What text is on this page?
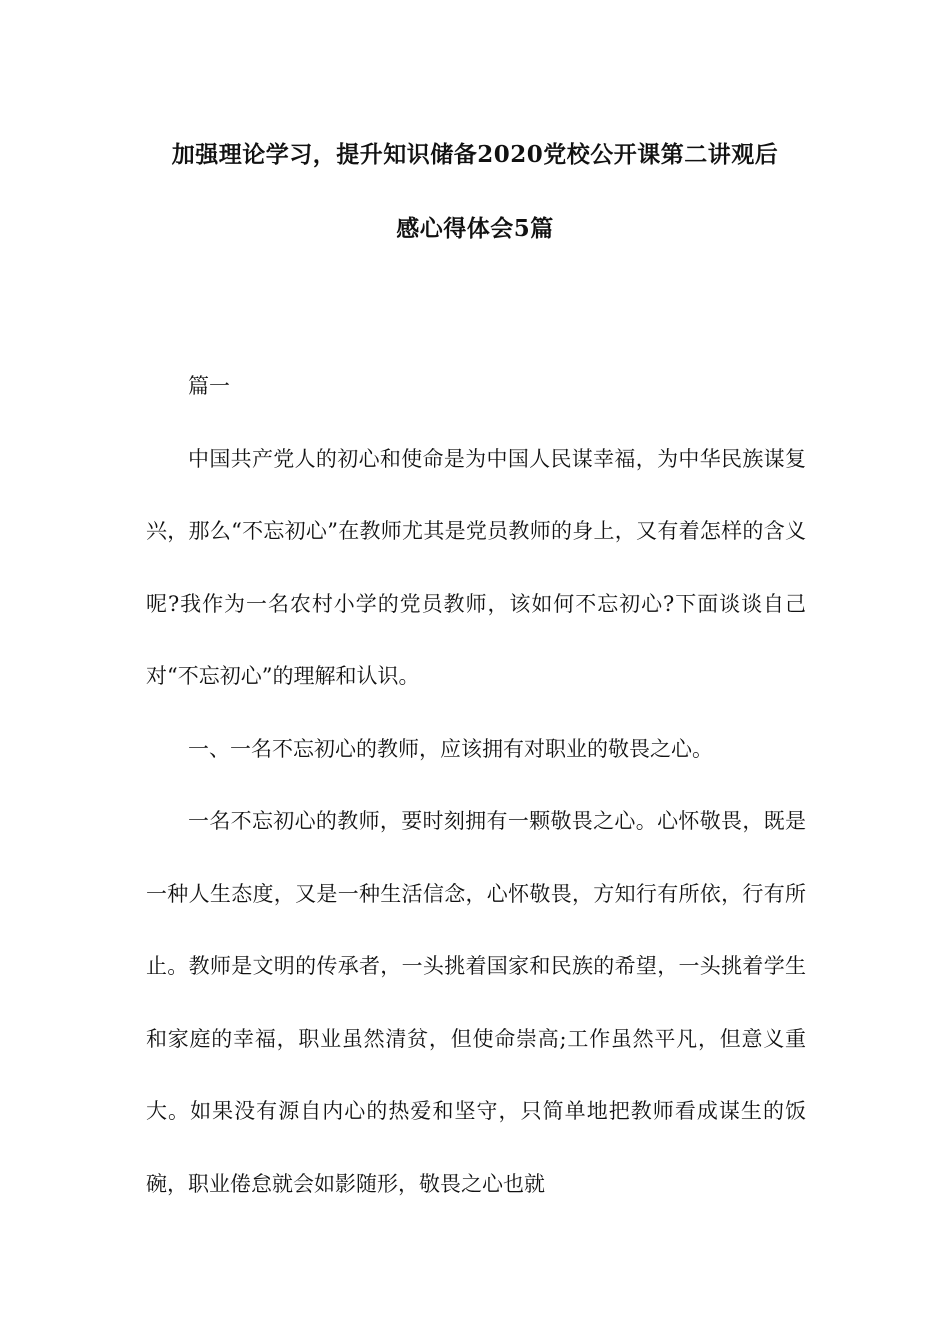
加强理论学习，提升知识储备2020党校公开课第二讲观后
感心得体会5篇

篇一

中国共产党人的初心和使命是为中国人民谋幸福，为中华民族谋复兴，那么“不忘初心”在教师尤其是党员教师的身上，又有着怎样的含义呢?我作为一名农村小学的党员教师，该如何不忘初心?下面谈谈自己对“不忘初心”的理解和认识。

一、一名不忘初心的教师，应该拥有对职业的敬畏之心。

一名不忘初心的教师，要时刻拥有一颗敬畏之心。心怀敬畏，既是一种人生态度，又是一种生活信念，心怀敬畏，方知行有所依，行有所止。教师是文明的传承者，一头挑着国家和民族的希望，一头挑着学生和家庭的幸福，职业虽然清贫，但使命崇高;工作虽然平凡，但意义重大。如果没有源自内心的热爱和坚守，只简单地把教师看成谋生的饭碗，职业倦怠就会如影随形，敬畏之心也就
